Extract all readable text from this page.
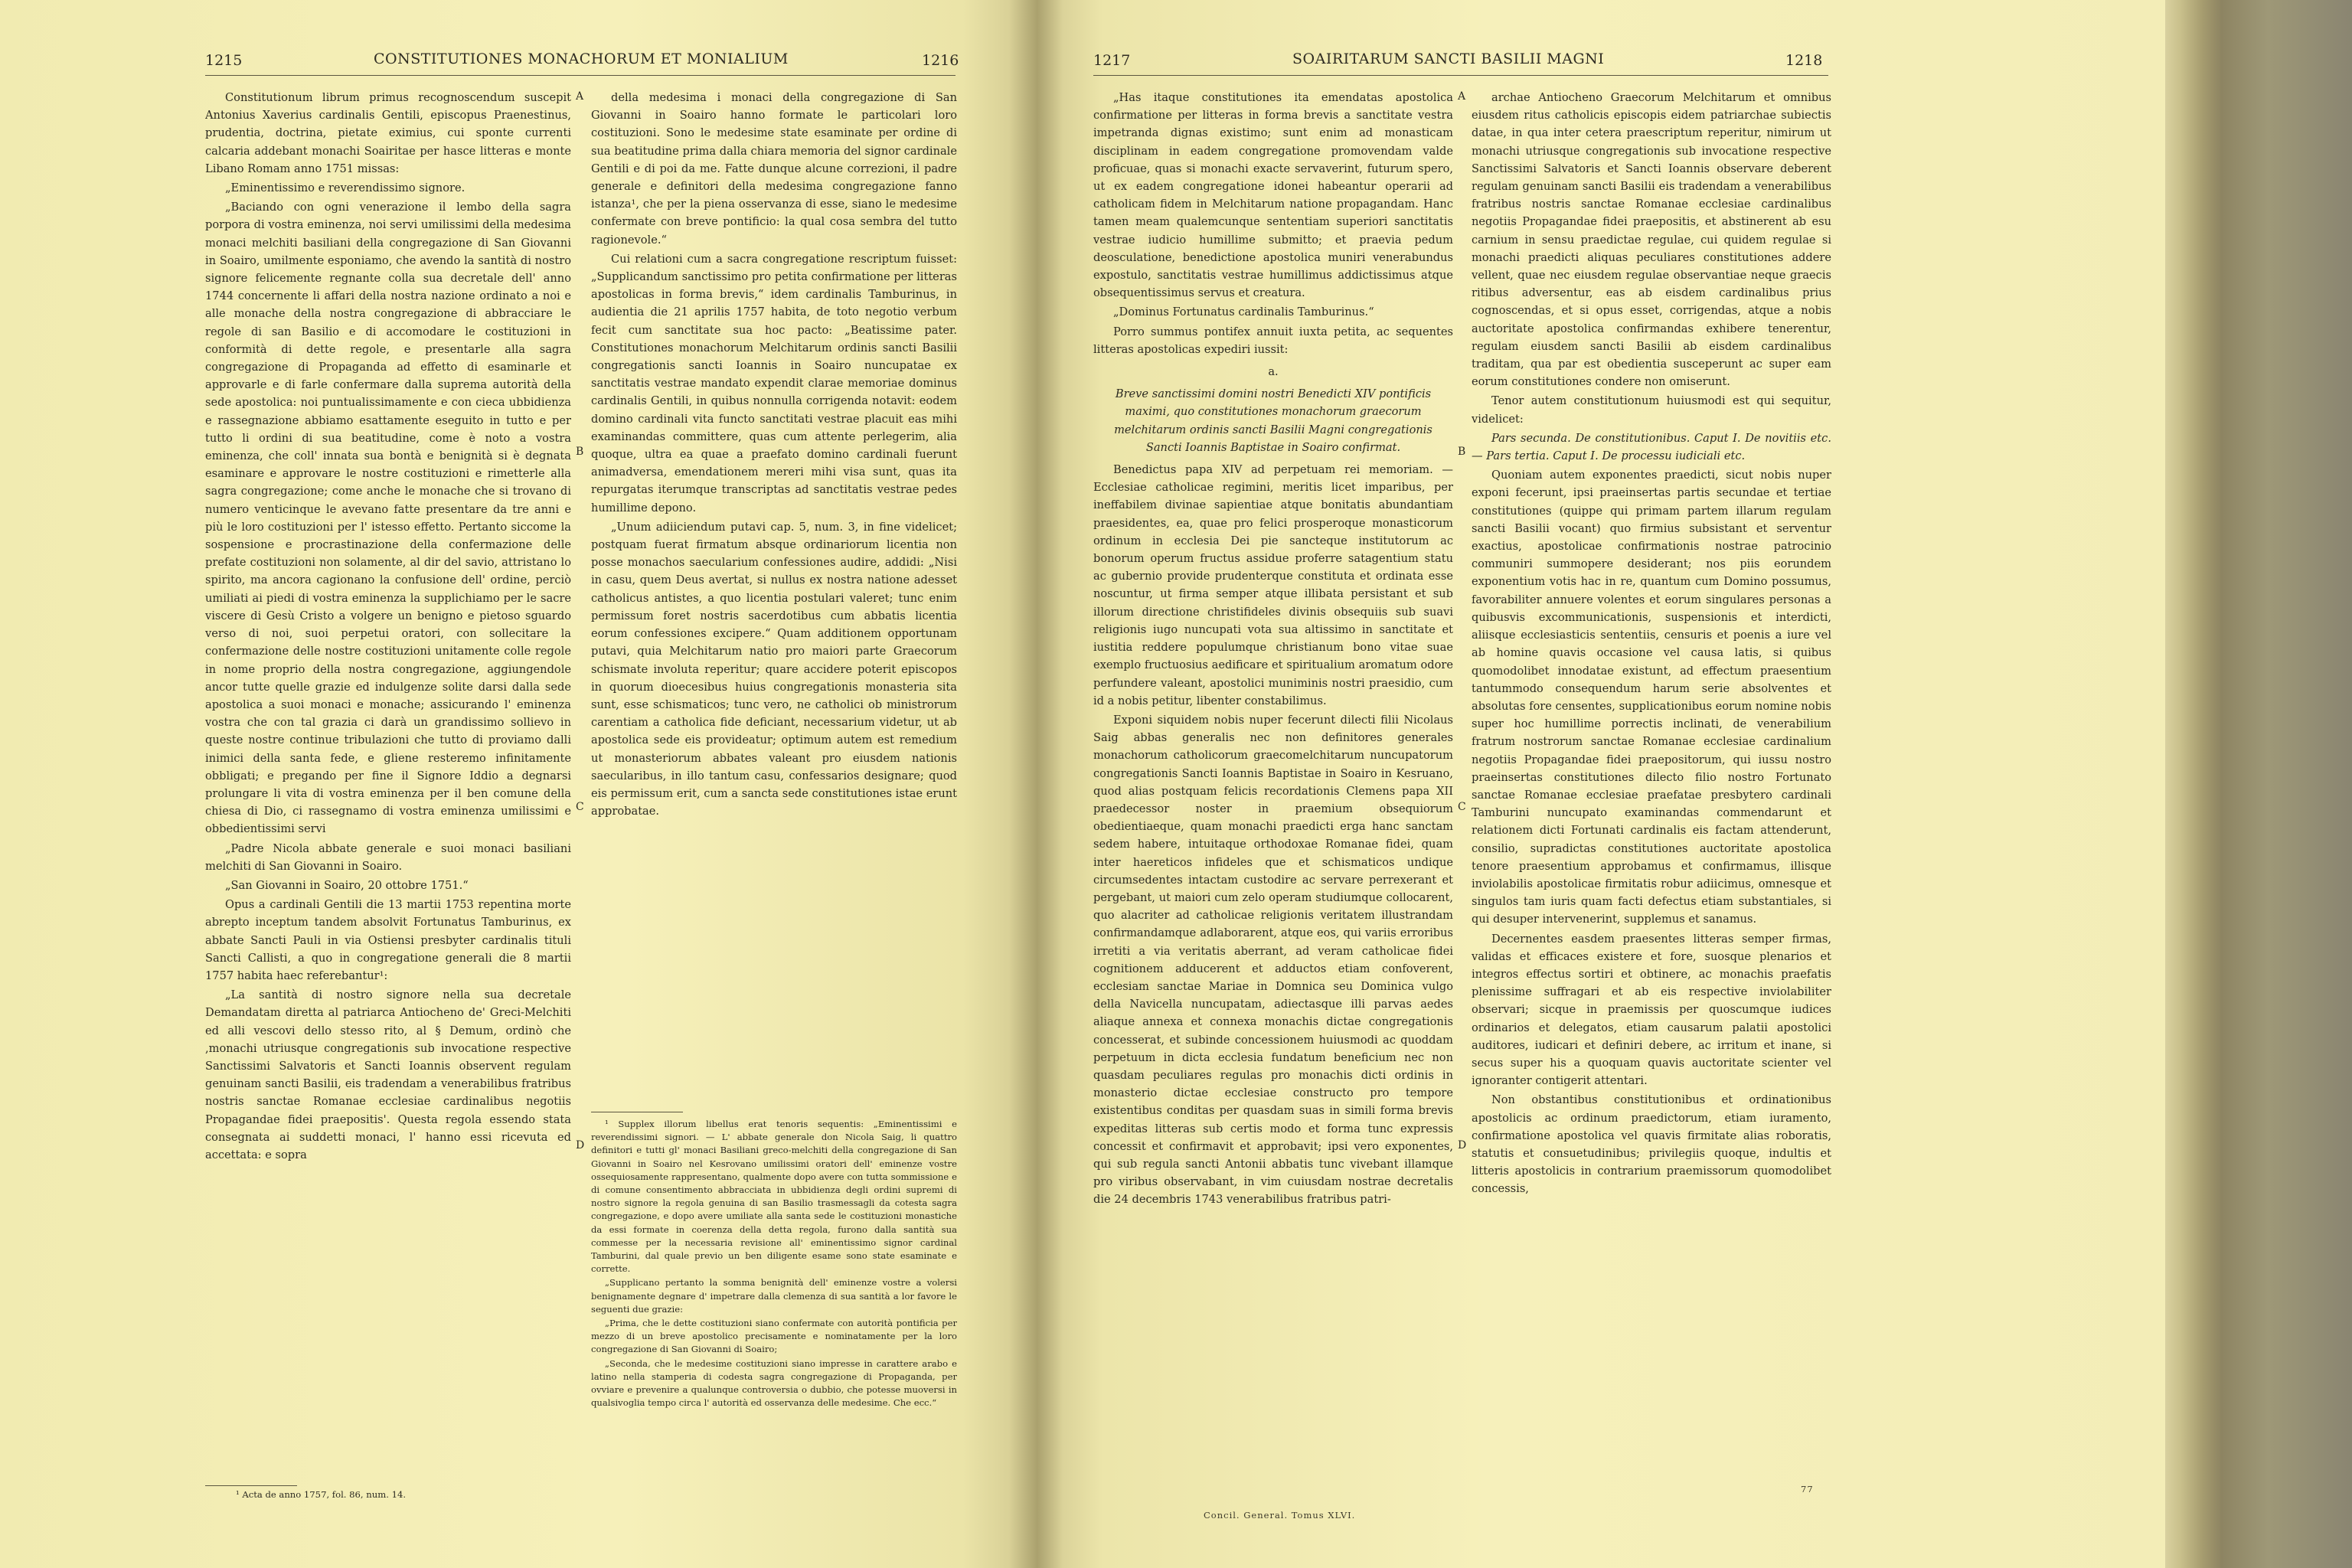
1215	CONSTITUTIONES MONACHORUM ET MONIALIUM	1216

Constitutionum librum primus recognoscendum suscepit Antonius Xaverius cardinalis Gentili, episcopus Praenestinus, prudentia, doctrina, pietate eximius, cui sponte currenti calcaria addebant monachi Soairitae per hasce litteras e monte Libano Romam anno 1751 missas:

„Eminentissimo e reverendissimo signore.

„Baciando con ogni venerazione il lembo della sagra porpora di vostra eminenza, noi servi umilissimi della medesima monaci melchiti basiliani della congregazione di San Giovanni in Soairo, umilmente esponiamo, che avendo la santità di nostro signore felicemente regnante colla sua decretale dell' anno 1744 concernente li affari della nostra nazione ordinato a noi e alle monache della nostra congregazione di abbracciare le regole di san Basilio e di accomodare le costituzioni in conformità di dette regole, e presentarle alla sagra congregazione di Propaganda ad effetto di esaminarle et approvarle e di farle confermare dalla suprema autorità della sede apostolica: noi puntualissimamente e con cieca ubbidienza e rassegnazione abbiamo esattamente eseguito in tutto e per tutto li ordini di sua beatitudine, come è noto a vostra eminenza, che coll' innata sua bontà e benignità si è degnata esaminare e approvare le nostre costituzioni e rimetterle alla sagra congregazione; come anche le monache che si trovano di numero venticinque le avevano fatte presentare da tre anni e più le loro costituzioni per l' istesso effetto. Pertanto siccome la sospensione e procrastinazione della confermazione delle prefate costituzioni non solamente, al dir del savio, attristano lo spirito, ma ancora cagionano la confusione dell' ordine, perciò umiliati ai piedi di vostra eminenza la supplichiamo per le sacre viscere di Gesù Cristo a volgere un benigno e pietoso sguardo verso di noi, suoi perpetui oratori, con sollecitare la confermazione delle nostre costituzioni unitamente colle regole in nome proprio della nostra congregazione, aggiungendole ancor tutte quelle grazie ed indulgenze solite darsi dalla sede apostolica a suoi monaci e monache; assicurando l' eminenza vostra che con tal grazia ci darà un grandissimo sollievo in queste nostre continue tribulazioni che tutto di proviamo dalli inimici della santa fede, e gliene resteremo infinitamente obbligati; e pregando per fine il Signore Iddio a degnarsi prolungare li vita di vostra eminenza per il ben comune della chiesa di Dio, ci rassegnamo di vostra eminenza umilissimi e obbedientissimi servi

„Padre Nicola abbate generale e suoi monaci basiliani melchiti di San Giovanni in Soairo.

„San Giovanni in Soairo, 20 ottobre 1751.“

Opus a cardinali Gentili die 13 martii 1753 repentina morte abrepto inceptum tandem absolvit Fortunatus Tamburinus, ex abbate Sancti Pauli in via Ostiensi presbyter cardinalis tituli Sancti Callisti, a quo in congregatione generali die 8 martii 1757 habita haec referebantur¹:

„La santità di nostro signore nella sua decretale Demandatam diretta al patriarca Antiocheno de' Greci-Melchiti ed alli vescovi dello stesso rito, al § Demum, ordinò che ,monachi utriusque congregationis sub invocatione respective Sanctissimi Salvatoris et Sancti Ioannis observent regulam genuinam sancti Basilii, eis tradendam a venerabilibus fratribus nostris sanctae Romanae ecclesiae cardinalibus negotiis Propagandae fidei praepositis'. Questa regola essendo stata consegnata ai suddetti monaci, l' hanno essi ricevuta ed accettata: e sopra

¹ Acta de anno 1757, fol. 86, num. 14.

della medesima i monaci della congregazione di San Giovanni in Soairo hanno formate le particolari loro costituzioni. Sono le medesime state esaminate per ordine di sua beatitudine prima dalla chiara memoria del signor cardinale Gentili e di poi da me. Fatte dunque alcune correzioni, il padre generale e definitori della medesima congregazione fanno istanza¹, che per la piena osservanza di esse, siano le medesime confermate con breve pontificio: la qual cosa sembra del tutto ragionevole.“

Cui relationi cum a sacra congregatione rescriptum fuisset: „Supplicandum sanctissimo pro petita confirmatione per litteras apostolicas in forma brevis,“ idem cardinalis Tamburinus, in audientia die 21 aprilis 1757 habita, de toto negotio verbum fecit cum sanctitate sua hoc pacto: „Beatissime pater. Constitutiones monachorum Melchitarum ordinis sancti Basilii congregationis sancti Ioannis in Soairo nuncupatae ex sanctitatis vestrae mandato expendit clarae memoriae dominus cardinalis Gentili, in quibus nonnulla corrigenda notavit: eodem domino cardinali vita functo sanctitati vestrae placuit eas mihi examinandas committere, quas cum attente perlegerim, alia quoque, ultra ea quae a praefato domino cardinali fuerunt animadversa, emendationem mereri mihi visa sunt, quas ita repurgatas iterumque transcriptas ad sanctitatis vestrae pedes humillime depono.

„Unum adiiciendum putavi cap. 5, num. 3, in fine videlicet; postquam fuerat firmatum absque ordinariorum licentia non posse monachos saecularium confessiones audire, addidi: „Nisi in casu, quem Deus avertat, si nullus ex nostra natione adesset catholicus antistes, a quo licentia postulari valeret; tunc enim permissum foret nostris sacerdotibus cum abbatis licentia eorum confessiones excipere.“ Quam additionem opportunam putavi, quia Melchitarum natio pro maiori parte Graecorum schismate involuta reperitur; quare accidere poterit episcopos in quorum dioecesibus huius congregationis monasteria sita sunt, esse schismaticos; tunc vero, ne catholici ob ministrorum carentiam a catholica fide deficiant, necessarium videtur, ut ab apostolica sede eis provideatur; optimum autem est remedium ut monasteriorum abbates valeant pro eiusdem nationis saecularibus, in illo tantum casu, confessarios designare; quod eis permissum erit, cum a sancta sede constitutiones istae erunt approbatae.

¹ Supplex illorum libellus erat tenoris sequentis: „Eminentissimi e reverendissimi signori. — L' abbate generale don Nicola Saig, li quattro definitori e tutti gl' monaci Basiliani greco-melchiti della congregazione di San Giovanni in Soairo nel Kesrovano umilissimi oratori dell' eminenze vostre ossequiosamente rappresentano, qualmente dopo avere con tutta sommissione e di comune consentimento abbracciata in ubbidienza degli ordini supremi di nostro signore la regola genuina di san Basilio trasmessagli da cotesta sagra congregazione, e dopo avere umiliate alla santa sede le costituzioni monastiche da essi formate in coerenza della detta regola, furono dalla santità sua commesse per la necessaria revisione all' eminentissimo signor cardinal Tamburini, dal quale previo un ben diligente esame sono state esaminate e corrette.

„Supplicano pertanto la somma benignità dell' eminenze vostre a volersi benignamente degnare d' impetrare dalla clemenza di sua santità a lor favore le seguenti due grazie:

„Prima, che le dette costituzioni siano confermate con autorità pontificia per mezzo di un breve apostolico precisamente e nominatamente per la loro congregazione di San Giovanni di Soairo;

„Seconda, che le medesime costituzioni siano impresse in carattere arabo e latino nella stamperia di codesta sagra congregazione di Propaganda, per ovviare e prevenire a qualunque controversia o dubbio, che potesse muoversi in qualsivoglia tempo circa l' autorità ed osservanza delle medesime. Che ecc.“

A
B
C
D
1217	SOAIRITARUM SANCTI BASILII MAGNI	1218

„Has itaque constitutiones ita emendatas apostolica confirmatione per litteras in forma brevis a sanctitate vestra impetranda dignas existimo; sunt enim ad monasticam disciplinam in eadem congregatione promovendam valde proficuae, quas si monachi exacte servaverint, futurum spero, ut ex eadem congregatione idonei habeantur operarii ad catholicam fidem in Melchitarum natione propagandam. Hanc tamen meam qualemcunque sententiam superiori sanctitatis vestrae iudicio humillime submitto; et praevia pedum deosculatione, benedictione apostolica muniri venerabundus expostulo, sanctitatis vestrae humillimus addictissimus atque obsequentissimus servus et creatura.

„Dominus Fortunatus cardinalis Tamburinus.“

Porro summus pontifex annuit iuxta petita, ac sequentes litteras apostolicas expediri iussit:

a.

Breve sanctissimi domini nostri Benedicti XIV pontificis maximi, quo constitutiones monachorum graecorum melchitarum ordinis sancti Basilii Magni congregationis Sancti Ioannis Baptistae in Soairo confirmat.

Benedictus papa XIV ad perpetuam rei memoriam. — Ecclesiae catholicae regimini, meritis licet imparibus, per ineffabilem divinae sapientiae atque bonitatis abundantiam praesidentes, ea, quae pro felici prosperoque monasticorum ordinum in ecclesia Dei pie sancteque institutorum ac bonorum operum fructus assidue proferre satagentium statu ac gubernio provide prudenterque constituta et ordinata esse noscuntur, ut firma semper atque illibata persistant et sub illorum directione christifideles divinis obsequiis sub suavi religionis iugo nuncupati vota sua altissimo in sanctitate et iustitia reddere populumque christianum bono vitae suae exemplo fructuosius aedificare et spiritualium aromatum odore perfundere valeant, apostolici muniminis nostri praesidio, cum id a nobis petitur, libenter constabilimus.

Exponi siquidem nobis nuper fecerunt dilecti filii Nicolaus Saig abbas generalis nec non definitores generales monachorum catholicorum graecomelchitarum nuncupatorum congregationis Sancti Ioannis Baptistae in Soairo in Kesruano, quod alias postquam felicis recordationis Clemens papa XII praedecessor noster in praemium obsequiorum obedientiaeque, quam monachi praedicti erga hanc sanctam sedem habere, intuitaque orthodoxae Romanae fidei, quam inter haereticos infideles que et schismaticos undique circumsedentes intactam custodire ac servare perrexerant et pergebant, ut maiori cum zelo operam studiumque collocarent, quo alacriter ad catholicae religionis veritatem illustrandam confirmandamque adlaborarent, atque eos, qui variis erroribus irretiti a via veritatis aberrant, ad veram catholicae fidei cognitionem adducerent et adductos etiam confoverent, ecclesiam sanctae Mariae in Domnica seu Dominica vulgo della Navicella nuncupatam, adiectasque illi parvas aedes aliaque annexa et connexa monachis dictae congregationis concesserat, et subinde concessionem huiusmodi ac quoddam perpetuum in dicta ecclesia fundatum beneficium nec non quasdam peculiares regulas pro monachis dicti ordinis in monasterio dictae ecclesiae constructo pro tempore existentibus conditas per quasdam suas in simili forma brevis expeditas litteras sub certis modo et forma tunc expressis concessit et confirmavit et approbavit; ipsi vero exponentes, qui sub regula sancti Antonii abbatis tunc vivebant illamque pro viribus observabant, in vim cuiusdam nostrae decretalis die 24 decembris 1743 venerabilibus fratribus patri-

archae Antiocheno Graecorum Melchitarum et omnibus eiusdem ritus catholicis episcopis eidem patriarchae subiectis datae, in qua inter cetera praescriptum reperitur, nimirum ut monachi utriusque congregationis sub invocatione respective Sanctissimi Salvatoris et Sancti Ioannis observare deberent regulam genuinam sancti Basilii eis tradendam a venerabilibus fratribus nostris sanctae Romanae ecclesiae cardinalibus negotiis Propagandae fidei praepositis, et abstinerent ab esu carnium in sensu praedictae regulae, cui quidem regulae si monachi praedicti aliquas peculiares constitutiones addere vellent, quae nec eiusdem regulae observantiae neque graecis ritibus adversentur, eas ab eisdem cardinalibus prius cognoscendas, et si opus esset, corrigendas, atque a nobis auctoritate apostolica confirmandas exhibere tenerentur, regulam eiusdem sancti Basilii ab eisdem cardinalibus traditam, qua par est obedientia susceperunt ac super eam eorum constitutiones condere non omiserunt.

Tenor autem constitutionum huiusmodi est qui sequitur, videlicet:

Pars secunda. De constitutionibus. Caput I. De novitiis etc. — Pars tertia. Caput I. De processu iudiciali etc.

Quoniam autem exponentes praedicti, sicut nobis nuper exponi fecerunt, ipsi praeinsertas partis secundae et tertiae constitutiones (quippe qui primam partem illarum regulam sancti Basilii vocant) quo firmius subsistant et serventur exactius, apostolicae confirmationis nostrae patrocinio communiri summopere desiderant; nos piis eorundem exponentium votis hac in re, quantum cum Domino possumus, favorabiliter annuere volentes et eorum singulares personas a quibusvis excommunicationis, suspensionis et interdicti, aliisque ecclesiasticis sententiis, censuris et poenis a iure vel ab homine quavis occasione vel causa latis, si quibus quomodolibet innodatae existunt, ad effectum praesentium tantummodo consequendum harum serie absolventes et absolutas fore censentes, supplicationibus eorum nomine nobis super hoc humillime porrectis inclinati, de venerabilium fratrum nostrorum sanctae Romanae ecclesiae cardinalium negotiis Propagandae fidei praepositorum, qui iussu nostro praeinsertas constitutiones dilecto filio nostro Fortunato sanctae Romanae ecclesiae praefatae presbytero cardinali Tamburini nuncupato examinandas commendarunt et relationem dicti Fortunati cardinalis eis factam attenderunt, consilio, supradictas constitutiones auctoritate apostolica tenore praesentium approbamus et confirmamus, illisque inviolabilis apostolicae firmitatis robur adiicimus, omnesque et singulos tam iuris quam facti defectus etiam substantiales, si qui desuper intervenerint, supplemus et sanamus.

Decernentes easdem praesentes litteras semper firmas, validas et efficaces existere et fore, suosque plenarios et integros effectus sortiri et obtinere, ac monachis praefatis plenissime suffragari et ab eis respective inviolabiliter observari; sicque in praemissis per quoscumque iudices ordinarios et delegatos, etiam causarum palatii apostolici auditores, iudicari et definiri debere, ac irritum et inane, si secus super his a quoquam quavis auctoritate scienter vel ignoranter contigerit attentari.

Non obstantibus constitutionibus et ordinationibus apostolicis ac ordinum praedictorum, etiam iuramento, confirmatione apostolica vel quavis firmitate alias roboratis, statutis et consuetudinibus; privilegiis quoque, indultis et litteris apostolicis in contrarium praemissorum quomodolibet concessis,

A
B
C
D
Concil. General. Tomus XLVI.
77
